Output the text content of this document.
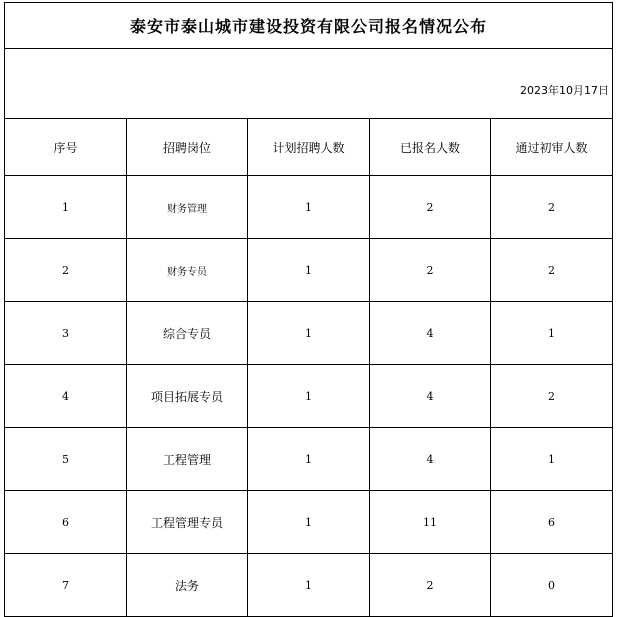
泰安市泰山城市建设投资有限公司报名情况公布				
2023年10月17日				
序号	招聘岗位	计划招聘人数	已报名人数	通过初审人数
1	财务管理	1	2	2
2	财务专员	1	2	2
3	综合专员	1	4	1
4	项目拓展专员	1	4	2
5	工程管理	1	4	1
6	工程管理专员	1	11	6
7	法务	1	2	0
